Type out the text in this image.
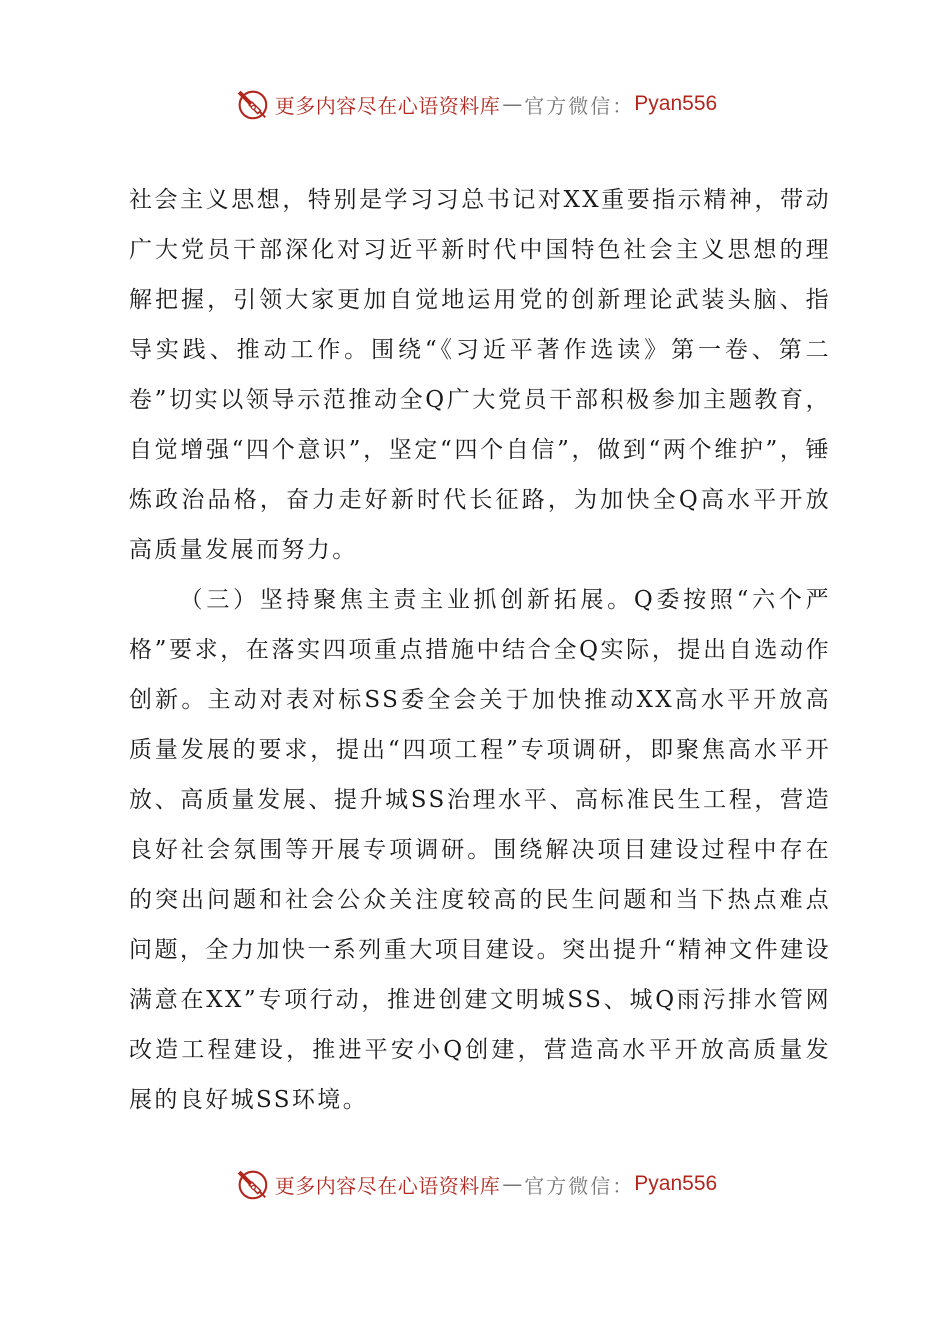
更多内容尽在心语资料库 — 官方微信： Pyan556

社会主义思想，特别是学习习总书记对XX重要指示精神，带动广大党员干部深化对习近平新时代中国特色社会主义思想的理解把握，引领大家更加自觉地运用党的创新理论武装头脑、指导实践、推动工作。围绕“《习近平著作选读》第一卷、第二卷”切实以领导示范推动全Q广大党员干部积极参加主题教育，自觉增强“四个意识”，坚定“四个自信”，做到“两个维护”，锤炼政治品格，奋力走好新时代长征路，为加快全Q高水平开放高质量发展而努力。

（三）坚持聚焦主责主业抓创新拓展。Q委按照“六个严格”要求，在落实四项重点措施中结合全Q实际，提出自选动作创新。主动对表对标SS委全会关于加快推动XX高水平开放高质量发展的要求，提出“四项工程”专项调研，即聚焦高水平开放、高质量发展、提升城SS治理水平、高标准民生工程，营造良好社会氛围等开展专项调研。围绕解决项目建设过程中存在的突出问题和社会公众关注度较高的民生问题和当下热点难点问题，全力加快一系列重大项目建设。突出提升“精神文件建设满意在XX”专项行动，推进创建文明城SS、城Q雨污排水管网改造工程建设，推进平安小Q创建，营造高水平开放高质量发展的良好城SS环境。

更多内容尽在心语资料库 — 官方微信： Pyan556
